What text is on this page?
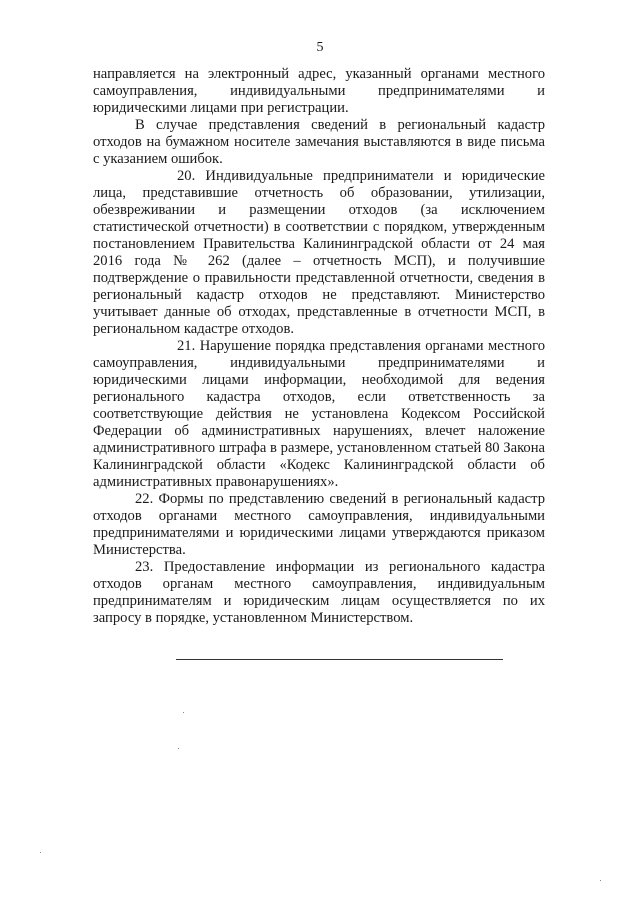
5

направляется на электронный адрес, указанный органами местного самоуправления, индивидуальными предпринимателями и юридическими лицами при регистрации.

В случае представления сведений в региональный кадастр отходов на бумажном носителе замечания выставляются в виде письма с указанием ошибок.

20. Индивидуальные предприниматели и юридические лица, представившие отчетность об образовании, утилизации, обезвреживании и размещении отходов (за исключением статистической отчетности) в соответствии с порядком, утвержденным постановлением Правительства Калининградской области от 24 мая 2016 года № 262 (далее – отчетность МСП), и получившие подтверждение о правильности представленной отчетности, сведения в региональный кадастр отходов не представляют. Министерство учитывает данные об отходах, представленные в отчетности МСП, в региональном кадастре отходов.

21. Нарушение порядка представления органами местного самоуправления, индивидуальными предпринимателями и юридическими лицами информации, необходимой для ведения регионального кадастра отходов, если ответственность за соответствующие действия не установлена Кодексом Российской Федерации об административных нарушениях, влечет наложение административного штрафа в размере, установленном статьей 80 Закона Калининградской области «Кодекс Калининградской области об административных правонарушениях».

22. Формы по представлению сведений в региональный кадастр отходов органами местного самоуправления, индивидуальными предпринимателями и юридическими лицами утверждаются приказом Министерства.

23. Предоставление информации из регионального кадастра отходов органам местного самоуправления, индивидуальным предпринимателям и юридическим лицам осуществляется по их запросу в порядке, установленном Министерством.
